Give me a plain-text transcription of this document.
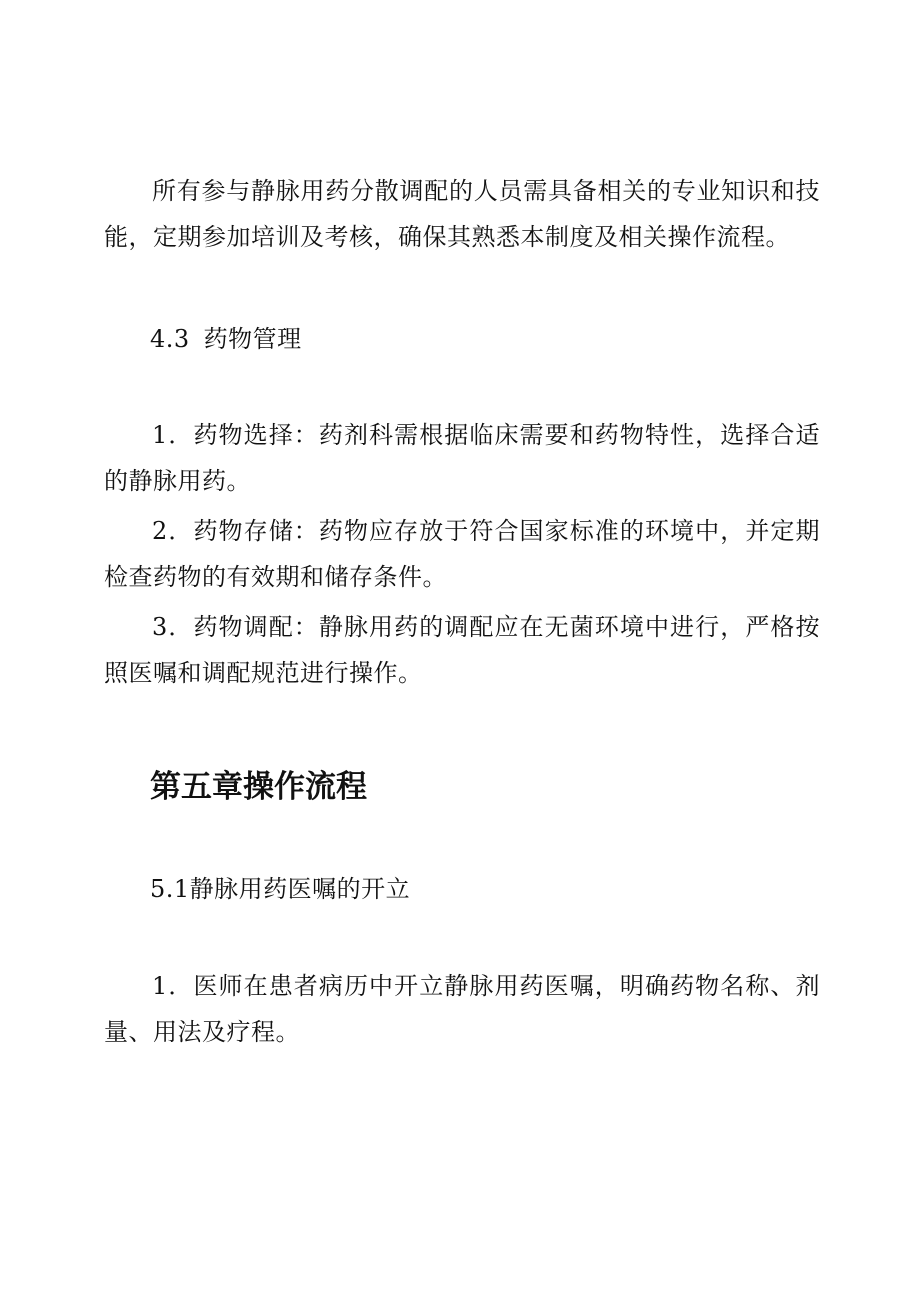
所有参与静脉用药分散调配的人员需具备相关的专业知识和技能，定期参加培训及考核，确保其熟悉本制度及相关操作流程。

4.3 药物管理

1．药物选择：药剂科需根据临床需要和药物特性，选择合适的静脉用药。

2．药物存储：药物应存放于符合国家标准的环境中，并定期检查药物的有效期和储存条件。

3．药物调配：静脉用药的调配应在无菌环境中进行，严格按照医嘱和调配规范进行操作。

第五章操作流程
5.1静脉用药医嘱的开立

1．医师在患者病历中开立静脉用药医嘱，明确药物名称、剂量、用法及疗程。
